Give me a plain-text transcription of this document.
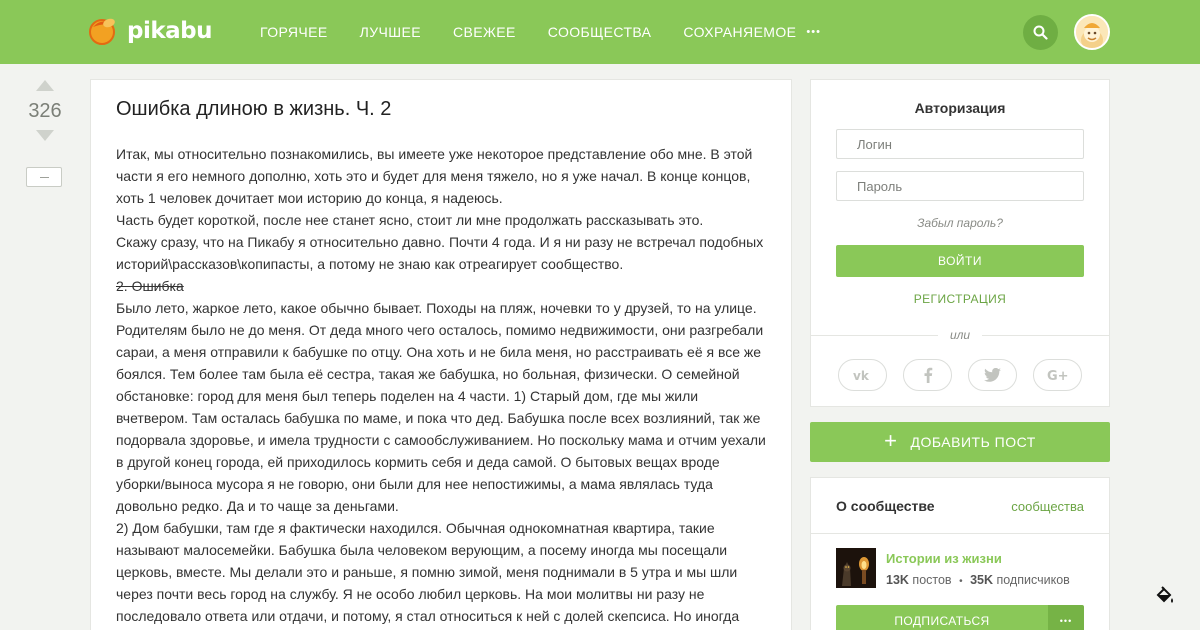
pikabu	ГОРЯЧЕЕ ЛУЧШЕЕ СВЕЖЕЕ СООБЩЕСТВА СОХРАНЯЕМОЕ •••
326	Ошибка длиною в жизнь. Ч. 2

Итак, мы относительно познакомились, вы имеете уже некоторое представление обо мне. В этой части я его немного дополню, хоть это и будет для меня тяжело, но я уже начал. В конце концов, хоть 1 человек дочитает мои историю до конца, я надеюсь.

Часть будет короткой, после нее станет ясно, стоит ли мне продолжать рассказывать это.

Скажу сразу, что на Пикабу я относительно давно. Почти 4 года. И я ни разу не встречал подобных историй\рассказов\копипасты, а потому не знаю как отреагирует сообщество.

2. Ошибка

Было лето, жаркое лето, какое обычно бывает. Походы на пляж, ночевки то у друзей, то на улице. Родителям было не до меня. От деда много чего осталось, помимо недвижимости, они разгребали сараи, а меня отправили к бабушке по отцу. Она хоть и не била меня, но расстраивать её я все же боялся. Тем более там была её сестра, такая же бабушка, но больная, физически. О семейной обстановке: город для меня был теперь поделен на 4 части. 1) Старый дом, где мы жили вчетвером. Там осталась бабушка по маме, и пока что дед. Бабушка после всех возлияний, так же подорвала здоровье, и имела трудности с самообслуживанием. Но поскольку мама и отчим уехали в другой конец города, ей приходилось кормить себя и деда самой. О бытовых вещах вроде уборки/выноса мусора я не говорю, они были для нее непостижимы, а мама являлась туда довольно редко. Да и то чаще за деньгами.

2) Дом бабушки, там где я фактически находился. Обычная однокомнатная квартира, такие называют малосемейки. Бабушка была человеком верующим, а посему иногда мы посещали церковь, вместе. Мы делали это и раньше, я помню зимой, меня поднимали в 5 утра и мы шли через почти весь город на службу. Я не особо любил церковь. На мои молитвы ни разу не последовало ответа или отдачи, и потому, я стал относиться к ней с долей скепсиса. Но иногда

Авторизация
Логин
Забыл пароль?
ВОЙТИ
РЕГИСТРАЦИЯ
или
vk	G+
+ ДОБАВИТЬ ПОСТ
О сообществе	сообщества
Истории из жизни
13K постов • 35K подписчиков
ПОДПИСАТЬСЯ	•••
